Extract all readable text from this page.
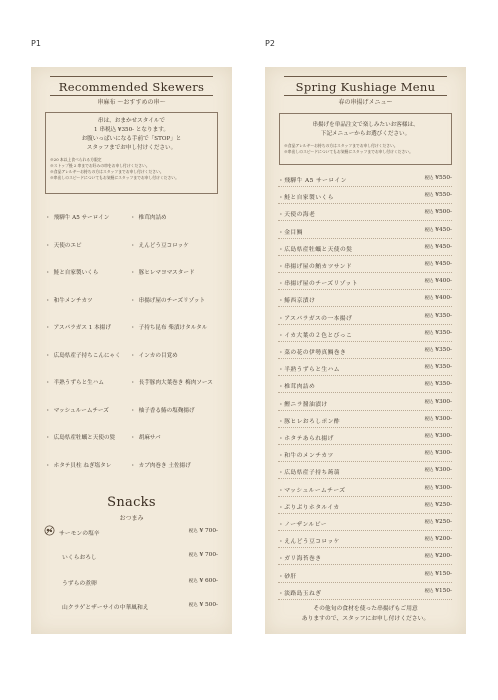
P1	P2
Recommended Skewers
串麻布 ～おすすめの串～
串は、おまかせスタイルで
1 串税込 ¥350- となります。
お腹いっぱいになる手前で「STOP」と
スタッフまでお申し付けください。
※20 本以上食べられる方限定
※ストップ後 2 串までお好みの串をお申し付けください。
※食品アレルギーお持ちの方はスタッフまでお申し付けください。
※串出しのスピードについてもお気軽にスタッフまでお申し付けください。
・ 飛騨牛 A5 サーロイン
・ 天使のエビ
・ 鮭と自家製いくら
・ 和牛メンチカツ
・ アスパラガス 1 本揚げ
・ 広島県産子持ちこんにゃく
・ 半熟うずらと生ハム
・ マッシュルームチーズ
・ 広島県産牡蠣と天使の髪
・ ホタテ貝柱 ねぎ塩タレ
・ 椎茸肉詰め
・ えんどう豆コロッケ
・ 豚ヒレマヨマスタード
・ 串揚げ屋のチーズリゾット
・ 子持ち昆布 柴漬けタルタル
・ インカの目覚め
・ 長芋豚肉大葉巻き 梅肉ソース
・ 柚子香る鰆の塩麹揚げ
・ 胡麻サバ
・ カブ肉巻き 土佐揚げ
Snacks
おつまみ
サーモンの塩辛	税込 ¥ 700-
いくらおろし	税込 ¥ 700-
うずらの煮卵	税込 ¥ 600-
山クラゲとザーサイの中華風和え	税込 ¥ 500-
Spring Kushiage Menu
春の串揚げメニュー
串揚げを単品注文で楽しみたいお客様は、
下記メニューからお選びください。
※食品アレルギーお持ちの方はスタッフまでお申し付けください。
※串出しのスピードについてもお気軽にスタッフまでお申し付けください。
・飛騨牛 A5 サーロイン	税込 ¥550-
・鮭と自家製いくら	税込 ¥550-
・天使の海老	税込 ¥500-
・金目鯛	税込 ¥450-
・広島県産牡蠣と天使の髪	税込 ¥450-
・串揚げ屋の鮪カツサンド	税込 ¥450-
・串揚げ屋のチーズリゾット	税込 ¥400-
・鰆西京漬け	税込 ¥400-
・アスパラガスの一本揚げ	税込 ¥350-
・イカ大葉の２色とびっこ	税込 ¥350-
・菜の花の伊勢真鯛巻き	税込 ¥350-
・半熟うずらと生ハム	税込 ¥350-
・椎茸肉詰め	税込 ¥350-
・鰹ニラ醤油漬け	税込 ¥300-
・豚ヒレおろしポン酢	税込 ¥300-
・ホタテあられ揚げ	税込 ¥300-
・和牛のメンチカツ	税込 ¥300-
・広島県産子持ち蒟蒻	税込 ¥300-
・マッシュルームチーズ	税込 ¥300-
・ぷりぷりホタルイカ	税込 ¥250-
・ノーザンルビー	税込 ¥250-
・えんどう豆コロッケ	税込 ¥200-
・ガリ海苔巻き	税込 ¥200-
・砂肝	税込 ¥150-
・淡路島玉ねぎ	税込 ¥150-
その他旬の食材を使った串揚げもご用意
ありますので、スタッフにお申し付けください。
